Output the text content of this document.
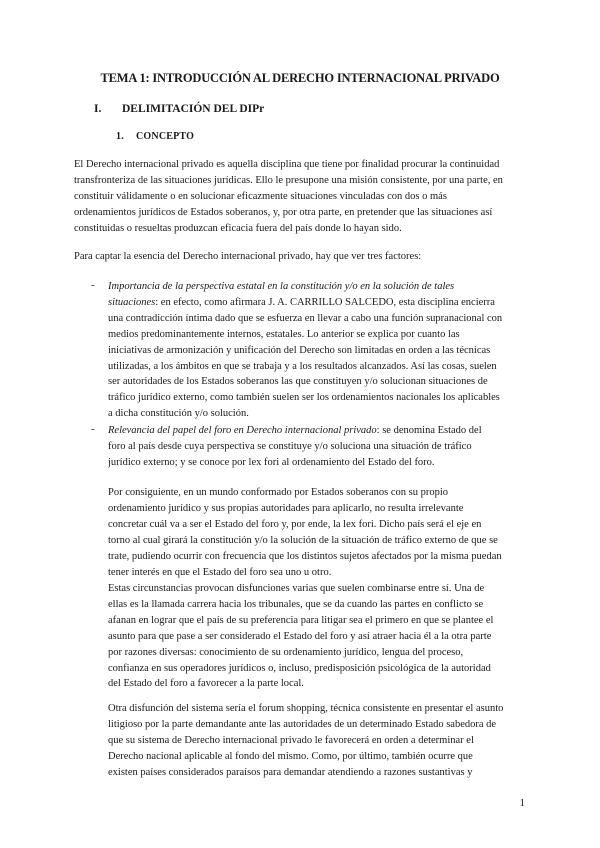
TEMA 1: INTRODUCCIÓN AL DERECHO INTERNACIONAL PRIVADO
I. DELIMITACIÓN DEL DIPr
1. CONCEPTO
El Derecho internacional privado es aquella disciplina que tiene por finalidad procurar la continuidad
transfronteriza de las situaciones jurídicas. Ello le presupone una misión consistente, por una parte, en
constituir válidamente o en solucionar eficazmente situaciones vinculadas con dos o más
ordenamientos jurídicos de Estados soberanos, y, por otra parte, en pretender que las situaciones así
constituidas o resueltas produzcan eficacia fuera del país donde lo hayan sido.
Para captar la esencia del Derecho internacional privado, hay que ver tres factores:
- Importancia de la perspectiva estatal en la constitución y/o en la solución de tales
situaciones: en efecto, como afirmara J. A. CARRILLO SALCEDO, esta disciplina encierra
una contradicción íntima dado que se esfuerza en llevar a cabo una función supranacional con
medios predominantemente internos, estatales. Lo anterior se explica por cuanto las
iniciativas de armonización y unificación del Derecho son limitadas en orden a las técnicas
utilizadas, a los ámbitos en que se trabaja y a los resultados alcanzados. Así las cosas, suelen
ser autoridades de los Estados soberanos las que constituyen y/o solucionan situaciones de
tráfico jurídico externo, como también suelen ser los ordenamientos nacionales los aplicables
a dicha constitución y/o solución.
- Relevancia del papel del foro en Derecho internacional privado: se denomina Estado del
foro al país desde cuya perspectiva se constituye y/o soluciona una situación de tráfico
jurídico externo; y se conoce por lex fori al ordenamiento del Estado del foro.
Por consiguiente, en un mundo conformado por Estados soberanos con su propio
ordenamiento jurídico y sus propias autoridades para aplicarlo, no resulta irrelevante
concretar cuál va a ser el Estado del foro y, por ende, la lex fori. Dicho país será el eje en
torno al cual girará la constitución y/o la solución de la situación de tráfico externo de que se
trate, pudiendo ocurrir con frecuencia que los distintos sujetos afectados por la misma puedan
tener interés en que el Estado del foro sea uno u otro.
Estas circunstancias provocan disfunciones varias que suelen combinarse entre sí. Una de
ellas es la llamada carrera hacia los tribunales, que se da cuando las partes en conflicto se
afanan en lograr que el país de su preferencia para litigar sea el primero en que se plantee el
asunto para que pase a ser considerado el Estado del foro y así atraer hacia él a la otra parte
por razones diversas: conocimiento de su ordenamiento jurídico, lengua del proceso,
confianza en sus operadores jurídicos o, incluso, predisposición psicológica de la autoridad
del Estado del foro a favorecer a la parte local.
Otra disfunción del sistema sería el forum shopping, técnica consistente en presentar el asunto
litigioso por la parte demandante ante las autoridades de un determinado Estado sabedora de
que su sistema de Derecho internacional privado le favorecerá en orden a determinar el
Derecho nacional aplicable al fondo del mismo. Como, por último, también ocurre que
existen países considerados paraísos para demandar atendiendo a razones sustantivas y
1
